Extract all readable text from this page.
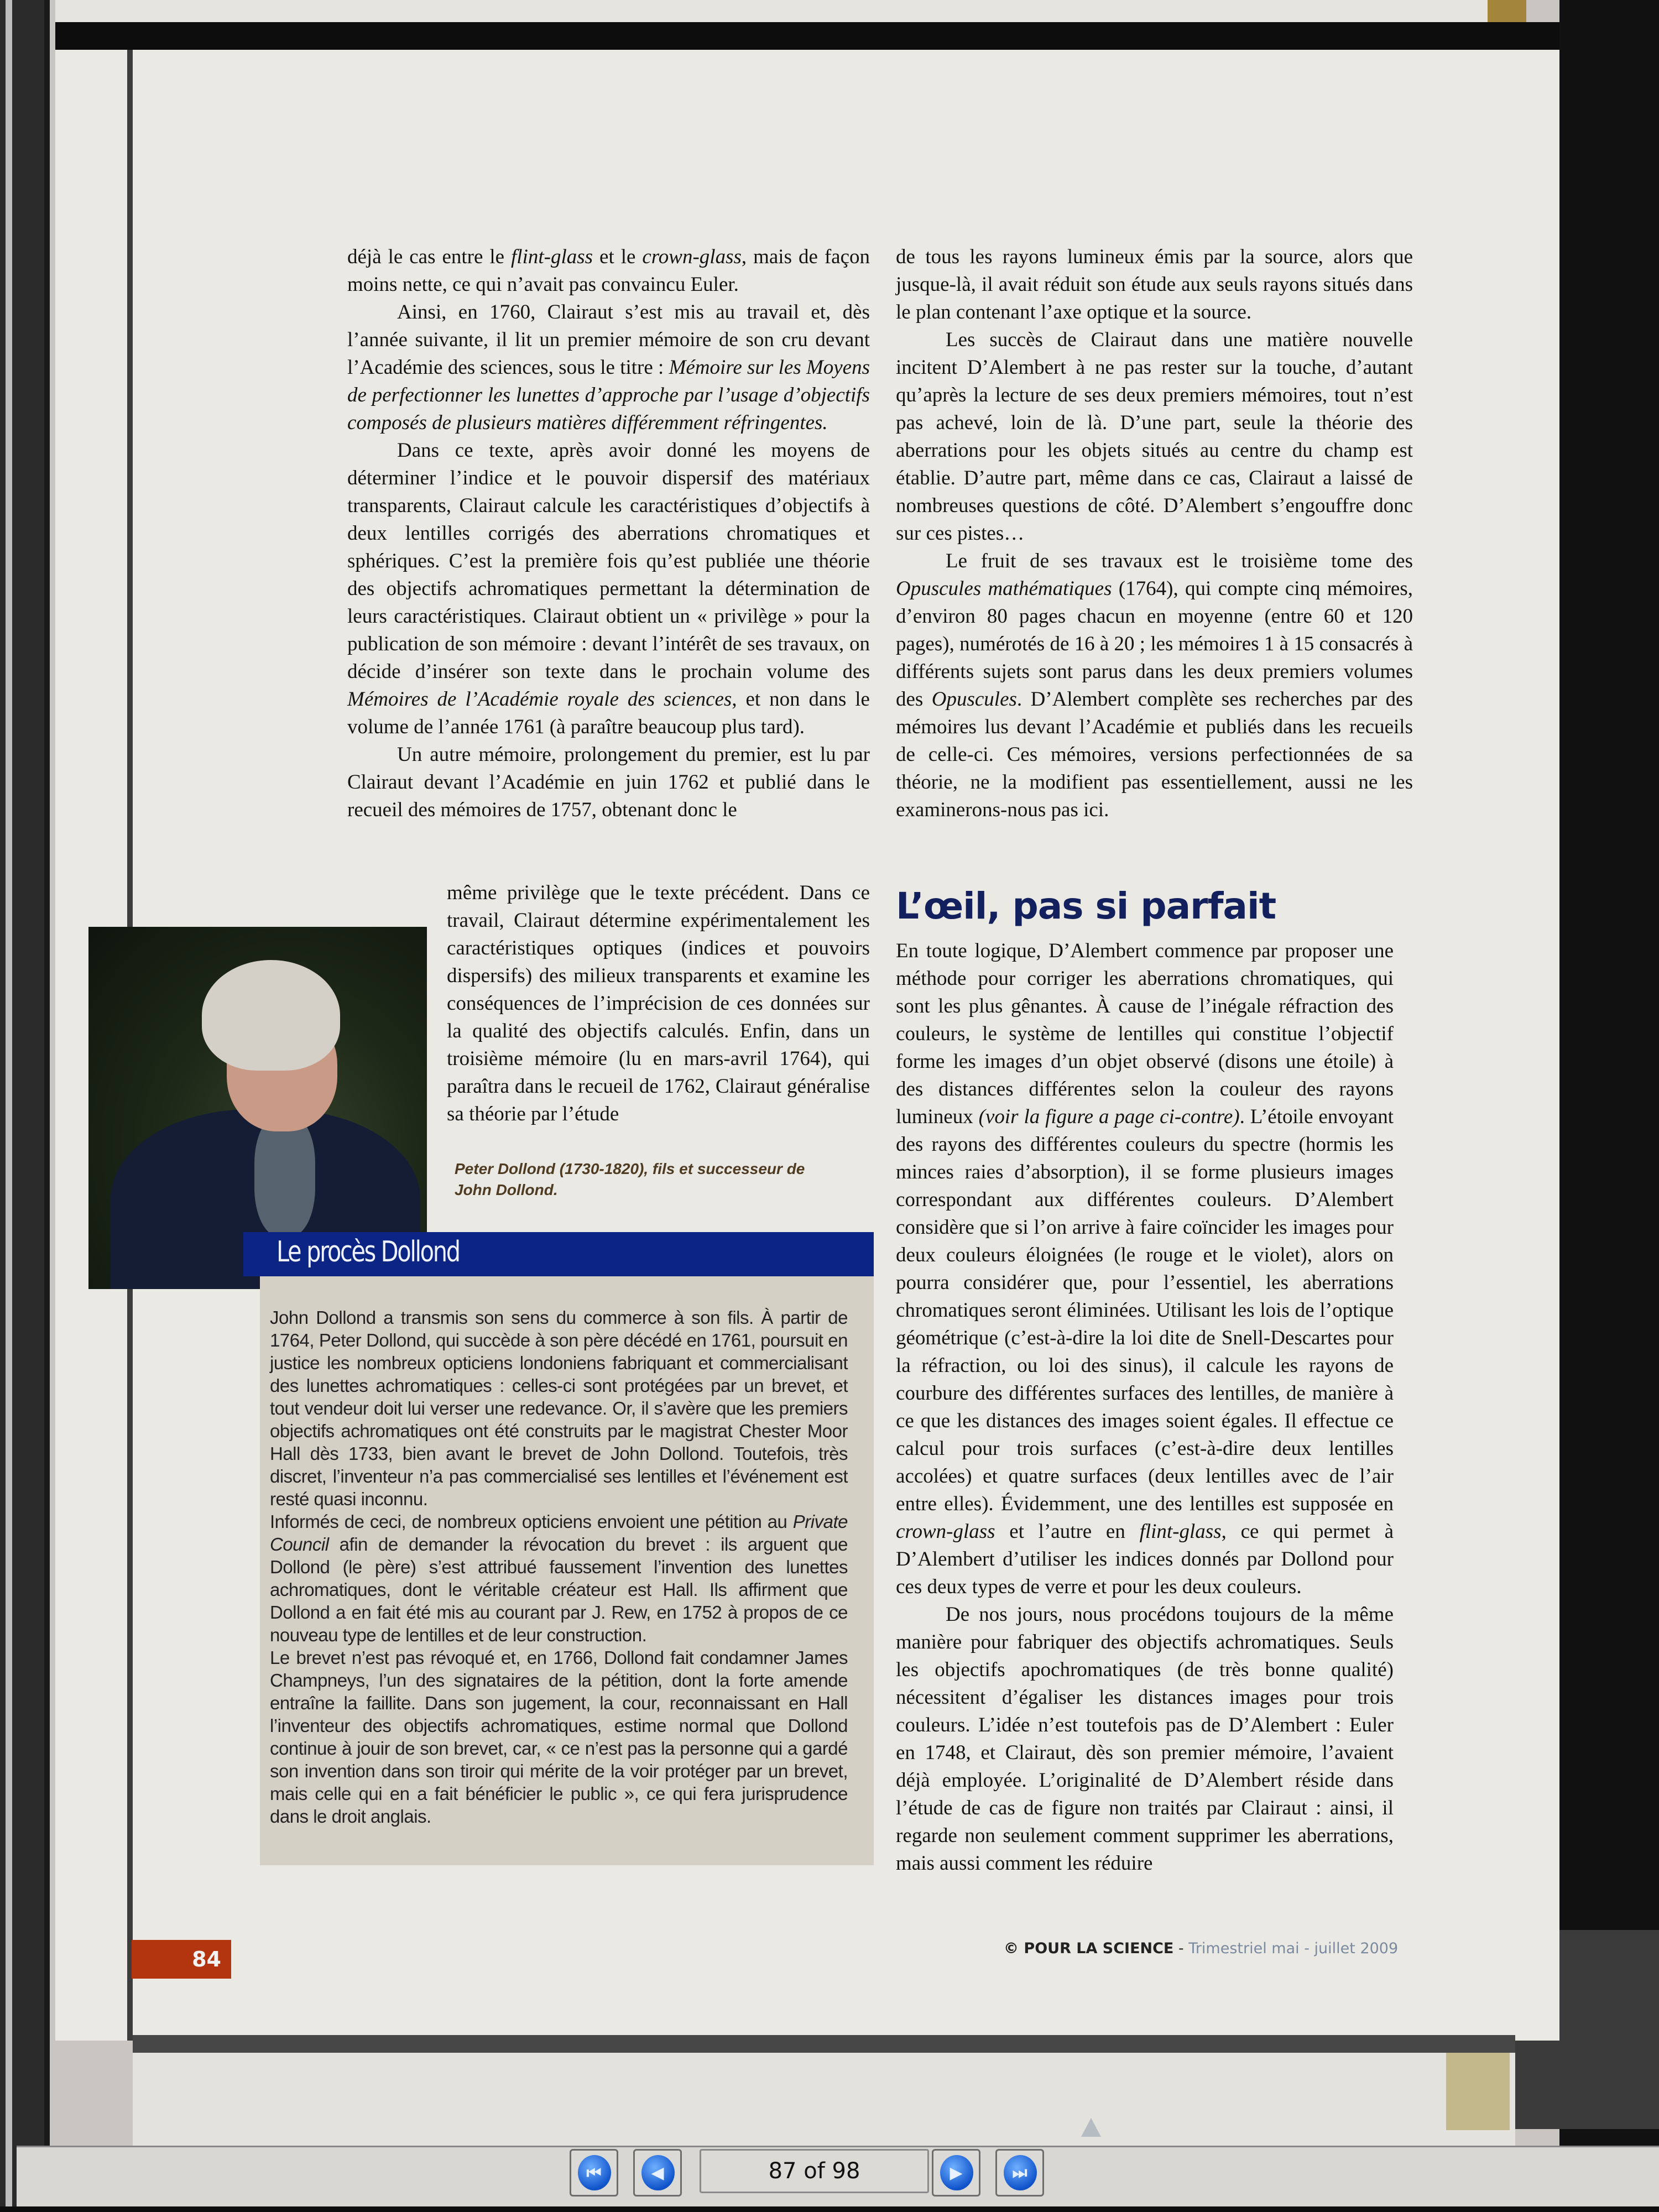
déjà le cas entre le flint-glass et le crown-glass, mais de façon moins nette, ce qui n’avait pas convaincu Euler.

Ainsi, en 1760, Clairaut s’est mis au travail et, dès l’année suivante, il lit un premier mémoire de son cru devant l’Académie des sciences, sous le titre : Mémoire sur les Moyens de perfectionner les lunettes d’approche par l’usage d’objectifs composés de plusieurs matières différemment réfringentes.

Dans ce texte, après avoir donné les moyens de déterminer l’indice et le pouvoir dispersif des matériaux transparents, Clairaut calcule les caractéristiques d’objectifs à deux lentilles corrigés des aberrations chromatiques et sphériques. C’est la première fois qu’est publiée une théorie des objectifs achromatiques permettant la détermination de leurs caractéristiques. Clairaut obtient un « privilège » pour la publication de son mémoire : devant l’intérêt de ses travaux, on décide d’insérer son texte dans le prochain volume des Mémoires de l’Académie royale des sciences, et non dans le volume de l’année 1761 (à paraître beaucoup plus tard).

Un autre mémoire, prolongement du premier, est lu par Clairaut devant l’Académie en juin 1762 et publié dans le recueil des mémoires de 1757, obtenant donc le

même privilège que le texte précédent. Dans ce travail, Clairaut détermine expérimentalement les caractéristiques optiques (indices et pouvoirs dispersifs) des milieux transparents et examine les conséquences de l’imprécision de ces données sur la qualité des objectifs calculés. Enfin, dans un troisième mémoire (lu en mars-avril 1764), qui paraîtra dans le recueil de 1762, Clairaut généralise sa théorie par l’étude

Peter Dollond (1730-1820), fils et successeur de John Dollond.
Le procès Dollond

John Dollond a transmis son sens du commerce à son fils. À partir de 1764, Peter Dollond, qui succède à son père décédé en 1761, poursuit en justice les nombreux opticiens londoniens fabriquant et commercialisant des lunettes achromatiques : celles-ci sont protégées par un brevet, et tout vendeur doit lui verser une redevance. Or, il s’avère que les premiers objectifs achromatiques ont été construits par le magistrat Chester Moor Hall dès 1733, bien avant le brevet de John Dollond. Toutefois, très discret, l’inventeur n’a pas commercialisé ses lentilles et l’événement est resté quasi inconnu.

Informés de ceci, de nombreux opticiens envoient une pétition au Private Council afin de demander la révocation du brevet : ils arguent que Dollond (le père) s’est attribué faussement l’invention des lunettes achromatiques, dont le véritable créateur est Hall. Ils affirment que Dollond a en fait été mis au courant par J. Rew, en 1752 à propos de ce nouveau type de lentilles et de leur construction.

Le brevet n’est pas révoqué et, en 1766, Dollond fait condamner James Champneys, l’un des signataires de la pétition, dont la forte amende entraîne la faillite. Dans son jugement, la cour, reconnaissant en Hall l’inventeur des objectifs achromatiques, estime normal que Dollond continue à jouir de son brevet, car, « ce n’est pas la personne qui a gardé son invention dans son tiroir qui mérite de la voir protéger par un brevet, mais celle qui en a fait bénéficier le public », ce qui fera jurisprudence dans le droit anglais.

de tous les rayons lumineux émis par la source, alors que jusque-là, il avait réduit son étude aux seuls rayons situés dans le plan contenant l’axe optique et la source.

Les succès de Clairaut dans une matière nouvelle incitent D’Alembert à ne pas rester sur la touche, d’autant qu’après la lecture de ses deux premiers mémoires, tout n’est pas achevé, loin de là. D’une part, seule la théorie des aberrations pour les objets situés au centre du champ est établie. D’autre part, même dans ce cas, Clairaut a laissé de nombreuses questions de côté. D’Alembert s’engouffre donc sur ces pistes…

Le fruit de ses travaux est le troisième tome des Opuscules mathématiques (1764), qui compte cinq mémoires, d’environ 80 pages chacun en moyenne (entre 60 et 120 pages), numérotés de 16 à 20 ; les mémoires 1 à 15 consacrés à différents sujets sont parus dans les deux premiers volumes des Opuscules. D’Alembert complète ses recherches par des mémoires lus devant l’Académie et publiés dans les recueils de celle-ci. Ces mémoires, versions perfectionnées de sa théorie, ne la modifient pas essentiellement, aussi ne les examinerons-nous pas ici.

L’œil, pas si parfait

En toute logique, D’Alembert commence par proposer une méthode pour corriger les aberrations chromatiques, qui sont les plus gênantes. À cause de l’inégale réfraction des couleurs, le système de lentilles qui constitue l’objectif forme les images d’un objet observé (disons une étoile) à des distances différentes selon la couleur des rayons lumineux (voir la figure a page ci-contre). L’étoile envoyant des rayons des différentes couleurs du spectre (hormis les minces raies d’absorption), il se forme plusieurs images correspondant aux différentes couleurs. D’Alembert considère que si l’on arrive à faire coïncider les images pour deux couleurs éloignées (le rouge et le violet), alors on pourra considérer que, pour l’essentiel, les aberrations chromatiques seront éliminées. Utilisant les lois de l’optique géométrique (c’est-à-dire la loi dite de Snell-Descartes pour la réfraction, ou loi des sinus), il calcule les rayons de courbure des différentes surfaces des lentilles, de manière à ce que les distances des images soient égales. Il effectue ce calcul pour trois surfaces (c’est-à-dire deux lentilles accolées) et quatre surfaces (deux lentilles avec de l’air entre elles). Évidemment, une des lentilles est supposée en crown-glass et l’autre en flint-glass, ce qui permet à D’Alembert d’utiliser les indices donnés par Dollond pour ces deux types de verre et pour les deux couleurs.

De nos jours, nous procédons toujours de la même manière pour fabriquer des objectifs achromatiques. Seuls les objectifs apochromatiques (de très bonne qualité) nécessitent d’égaliser les distances images pour trois couleurs. L’idée n’est toutefois pas de D’Alembert : Euler en 1748, et Clairaut, dès son premier mémoire, l’avaient déjà employée. L’originalité de D’Alembert réside dans l’étude de cas de figure non traités par Clairaut : ainsi, il regarde non seulement comment supprimer les aberrations, mais aussi comment les réduire

84	© POUR LA SCIENCE - Trimestriel mai - juillet 2009
⏮	◀	87 of 98	▶	⏭
